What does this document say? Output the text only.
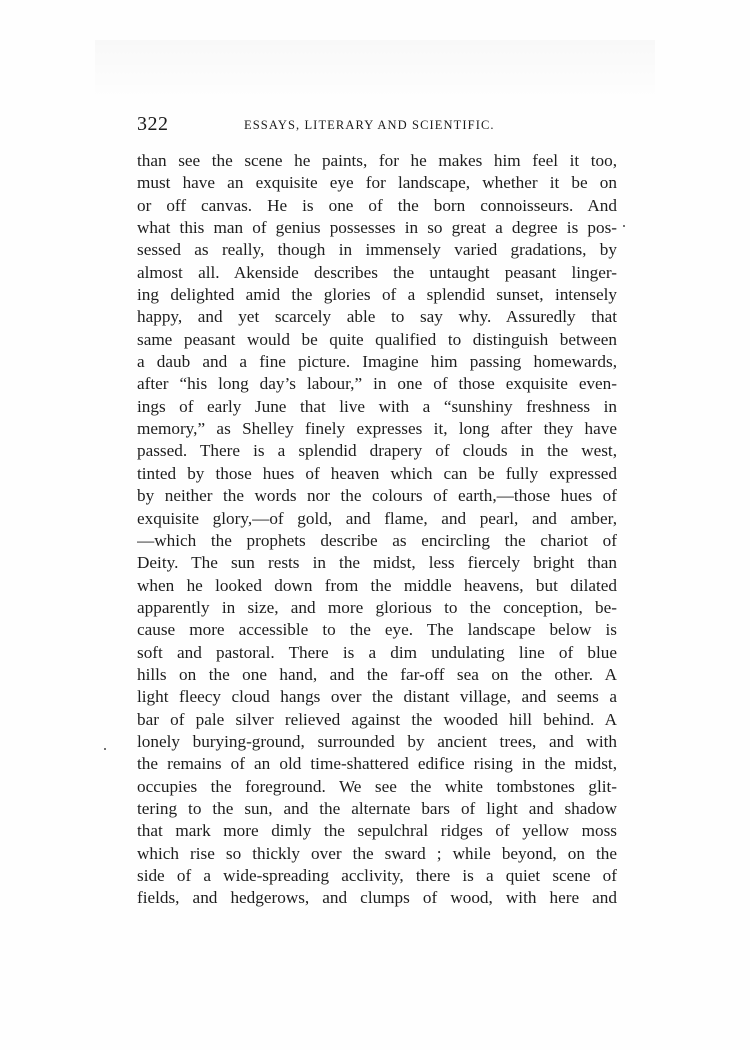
322	ESSAYS, LITERARY AND SCIENTIFIC.
than see the scene he paints, for he makes him feel it too,
must have an exquisite eye for landscape, whether it be on
or off canvas. He is one of the born connoisseurs. And
what this man of genius possesses in so great a degree is pos-
sessed as really, though in immensely varied gradations, by
almost all. Akenside describes the untaught peasant linger-
ing delighted amid the glories of a splendid sunset, intensely
happy, and yet scarcely able to say why. Assuredly that
same peasant would be quite qualified to distinguish between
a daub and a fine picture. Imagine him passing homewards,
after “his long day’s labour,” in one of those exquisite even-
ings of early June that live with a “sunshiny freshness in
memory,” as Shelley finely expresses it, long after they have
passed. There is a splendid drapery of clouds in the west,
tinted by those hues of heaven which can be fully expressed
by neither the words nor the colours of earth,—those hues of
exquisite glory,—of gold, and flame, and pearl, and amber,
—which the prophets describe as encircling the chariot of
Deity. The sun rests in the midst, less fiercely bright than
when he looked down from the middle heavens, but dilated
apparently in size, and more glorious to the conception, be-
cause more accessible to the eye. The landscape below is
soft and pastoral. There is a dim undulating line of blue
hills on the one hand, and the far-off sea on the other. A
light fleecy cloud hangs over the distant village, and seems a
bar of pale silver relieved against the wooded hill behind. A
lonely burying-ground, surrounded by ancient trees, and with
the remains of an old time-shattered edifice rising in the midst,
occupies the foreground. We see the white tombstones glit-
tering to the sun, and the alternate bars of light and shadow
that mark more dimly the sepulchral ridges of yellow moss
which rise so thickly over the sward ; while beyond, on the
side of a wide-spreading acclivity, there is a quiet scene of
fields, and hedgerows, and clumps of wood, with here and
